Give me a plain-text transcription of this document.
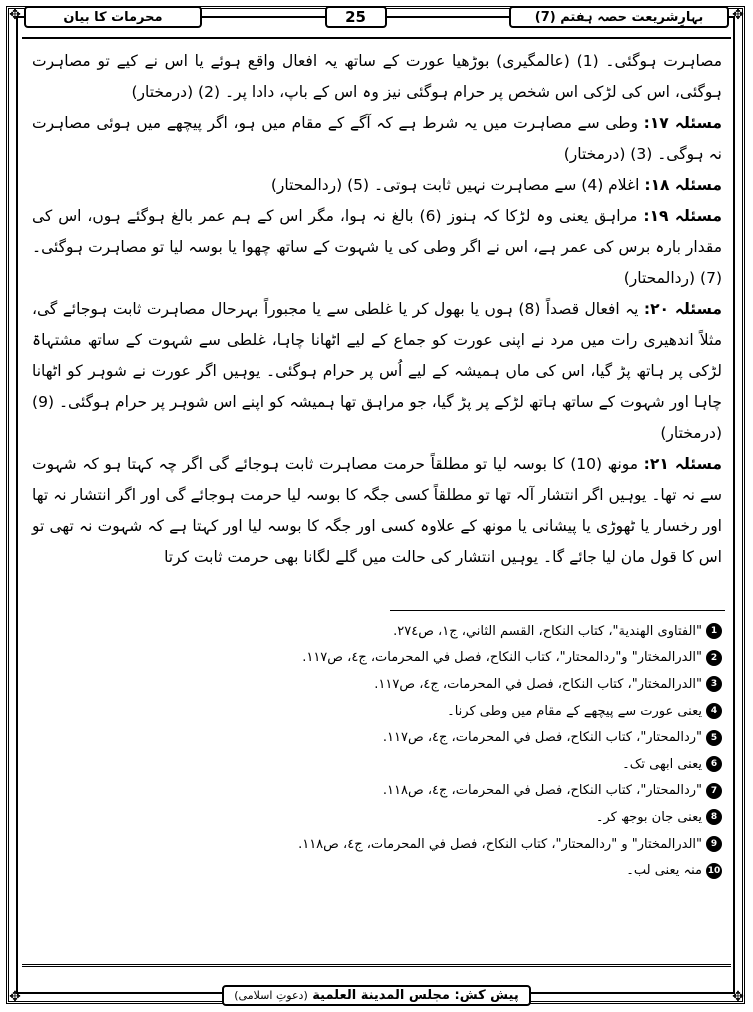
✥	✥
✥	✥
محرمات کا بیان	25	بہارِشریعت حصہ ہفتم (7)

مصاہرت ہوگئی۔ (1) (عالمگیری) بوڑھیا عورت کے ساتھ یہ افعال واقع ہوئے یا اس نے کیے تو مصاہرت ہوگئی، اس کی لڑکی اس شخص پر حرام ہوگئی نیز وہ اس کے باپ، دادا پر۔ (2) (درمختار)

مسئلہ ۱۷: وطی سے مصاہرت میں یہ شرط ہے کہ آگے کے مقام میں ہو، اگر پیچھے میں ہوئی مصاہرت نہ ہوگی۔ (3) (درمختار)

مسئلہ ۱۸: اغلام (4) سے مصاہرت نہیں ثابت ہوتی۔ (5) (ردالمحتار)

مسئلہ ۱۹: مراہق یعنی وہ لڑکا کہ ہنوز (6) بالغ نہ ہوا، مگر اس کے ہم عمر بالغ ہوگئے ہوں، اس کی مقدار بارہ برس کی عمر ہے، اس نے اگر وطی کی یا شہوت کے ساتھ چھوا یا بوسہ لیا تو مصاہرت ہوگئی۔ (7) (ردالمحتار)

مسئلہ ۲۰: یہ افعال قصداً (8) ہوں یا بھول کر یا غلطی سے یا مجبوراً بہرحال مصاہرت ثابت ہوجائے گی، مثلاً اندھیری رات میں مرد نے اپنی عورت کو جماع کے لیے اٹھانا چاہا، غلطی سے شہوت کے ساتھ مشتہاۃ لڑکی پر ہاتھ پڑ گیا، اس کی ماں ہمیشہ کے لیے اُس پر حرام ہوگئی۔ یوہیں اگر عورت نے شوہر کو اٹھانا چاہا اور شہوت کے ساتھ ہاتھ لڑکے پر پڑ گیا، جو مراہق تھا ہمیشہ کو اپنے اس شوہر پر حرام ہوگئی۔ (9) (درمختار)

مسئلہ ۲۱: مونھ (10) کا بوسہ لیا تو مطلقاً حرمت مصاہرت ثابت ہوجائے گی اگر چہ کہتا ہو کہ شہوت سے نہ تھا۔ یوہیں اگر انتشار آلہ تھا تو مطلقاً کسی جگہ کا بوسہ لیا حرمت ہوجائے گی اور اگر انتشار نہ تھا اور رخسار یا ٹھوڑی یا پیشانی یا مونھ کے علاوہ کسی اور جگہ کا بوسہ لیا اور کہتا ہے کہ شہوت نہ تھی تو اس کا قول مان لیا جائے گا۔ یوہیں انتشار کی حالت میں گلے لگانا بھی حرمت ثابت کرتا

1
"الفتاوی الهندية"، كتاب النكاح، القسم الثاني، ج١، ص٢٧٤.
2
"الدرالمختار" و"ردالمحتار"، كتاب النكاح، فصل في المحرمات، ج٤، ص١١٧.
3
"الدرالمختار"، كتاب النكاح، فصل في المحرمات، ج٤، ص١١٧.
4
یعنی عورت سے پیچھے کے مقام میں وطی کرنا۔
5
"ردالمحتار"، كتاب النكاح، فصل في المحرمات، ج٤، ص١١٧.
6
یعنی ابھی تک۔
7
"ردالمحتار"، كتاب النكاح، فصل في المحرمات، ج٤، ص١١٨.
8
یعنی جان بوجھ کر۔
9
"الدرالمختار" و "ردالمحتار"، كتاب النكاح، فصل في المحرمات، ج٤، ص١١٨.
10
منہ یعنی لب۔
پیش کش: مجلس المدينة العلمية (دعوتِ اسلامی)
